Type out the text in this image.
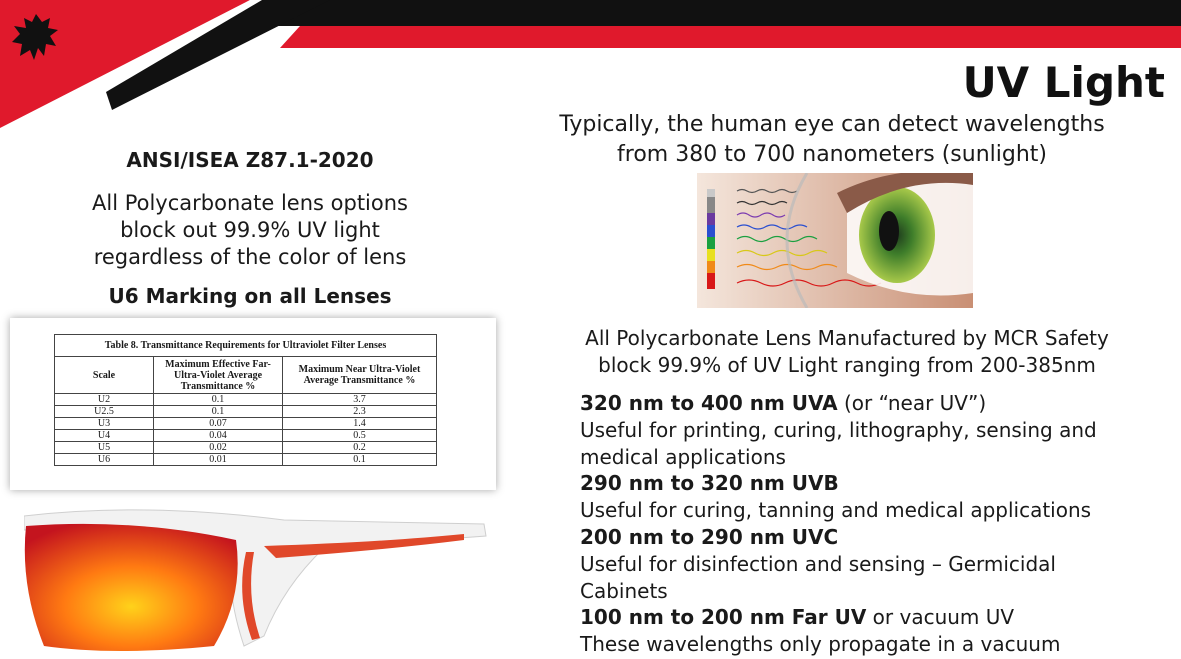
UV Light
ANSI/ISEA Z87.1-2020
All Polycarbonate lens options
block out 99.9% UV light
regardless of the color of lens
U6 Marking on all Lenses
Table 8. Transmittance Requirements for Ultraviolet Filter Lenses
Scale	Maximum Effective Far-Ultra-Violet Average Transmittance %	Maximum Near Ultra-Violet Average Transmittance %
U2	0.1	3.7
U2.5	0.1	2.3
U3	0.07	1.4
U4	0.04	0.5
U5	0.02	0.2
U6	0.01	0.1
Typically, the human eye can detect wavelengths
from 380 to 700 nanometers (sunlight)
All Polycarbonate Lens Manufactured by MCR Safety
block 99.9% of UV Light ranging from 200-385nm
320 nm to 400 nm UVA (or “near UV”)
Useful for printing, curing, lithography, sensing and
medical applications
290 nm to 320 nm UVB
Useful for curing, tanning and medical applications
200 nm to 290 nm UVC
Useful for disinfection and sensing – Germicidal
Cabinets
100 nm to 200 nm Far UV or vacuum UV
These wavelengths only propagate in a vacuum
